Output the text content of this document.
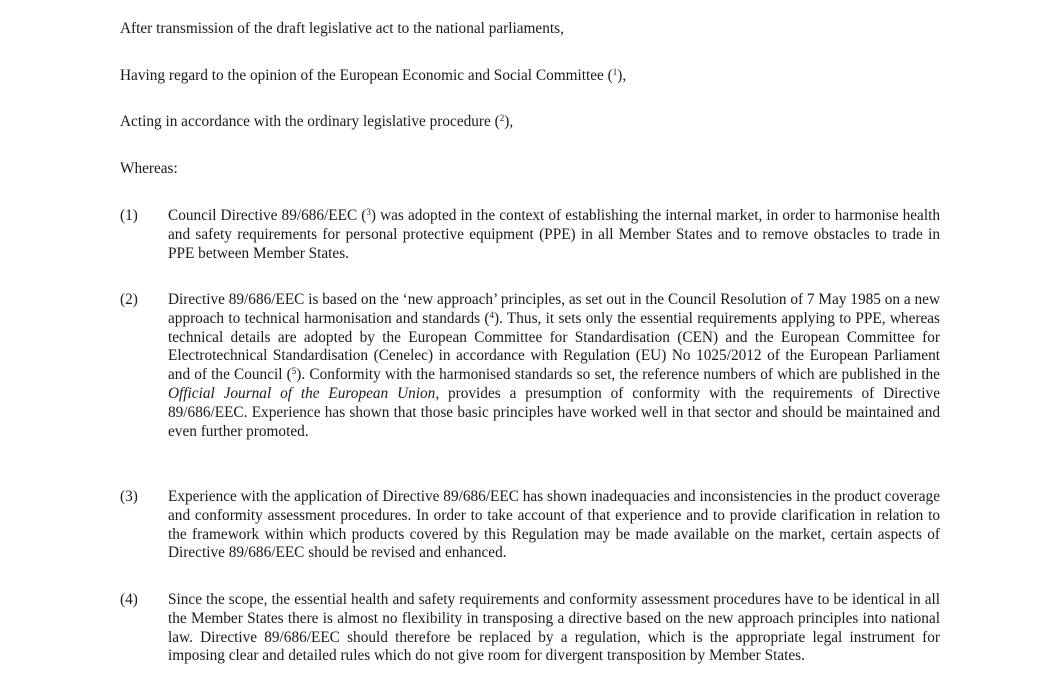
After transmission of the draft legislative act to the national parliaments,
Having regard to the opinion of the European Economic and Social Committee ($^1$),
Acting in accordance with the ordinary legislative procedure ($^2$),
Whereas:
(1)	Council Directive 89/686/EEC ($^3$) was adopted in the context of establishing the internal market, in order to harmonise health and safety requirements for personal protective equipment (PPE) in all Member States and to remove obstacles to trade in PPE between Member States.
(2)	Directive 89/686/EEC is based on the ‘new approach’ principles, as set out in the Council Resolution of 7 May 1985 on a new approach to technical harmonisation and standards ($^4$). Thus, it sets only the essential requirements applying to PPE, whereas technical details are adopted by the European Committee for Standardisation (CEN) and the European Committee for Electrotechnical Standardisation (Cenelec) in accordance with Regulation (EU) No 1025/2012 of the European Parliament and of the Council ($^5$). Conformity with the harmonised standards so set, the reference numbers of which are published in the Official Journal of the European Union, provides a presumption of conformity with the requirements of Directive 89/686/EEC. Experience has shown that those basic principles have worked well in that sector and should be maintained and even further promoted.
(3)	Experience with the application of Directive 89/686/EEC has shown inadequacies and inconsistencies in the product coverage and conformity assessment procedures. In order to take account of that experience and to provide clarification in relation to the framework within which products covered by this Regulation may be made available on the market, certain aspects of Directive 89/686/EEC should be revised and enhanced.
(4)	Since the scope, the essential health and safety requirements and conformity assessment procedures have to be identical in all the Member States there is almost no flexibility in transposing a directive based on the new approach principles into national law. Directive 89/686/EEC should therefore be replaced by a regulation, which is the appropriate legal instrument for imposing clear and detailed rules which do not give room for divergent transposition by Member States.
